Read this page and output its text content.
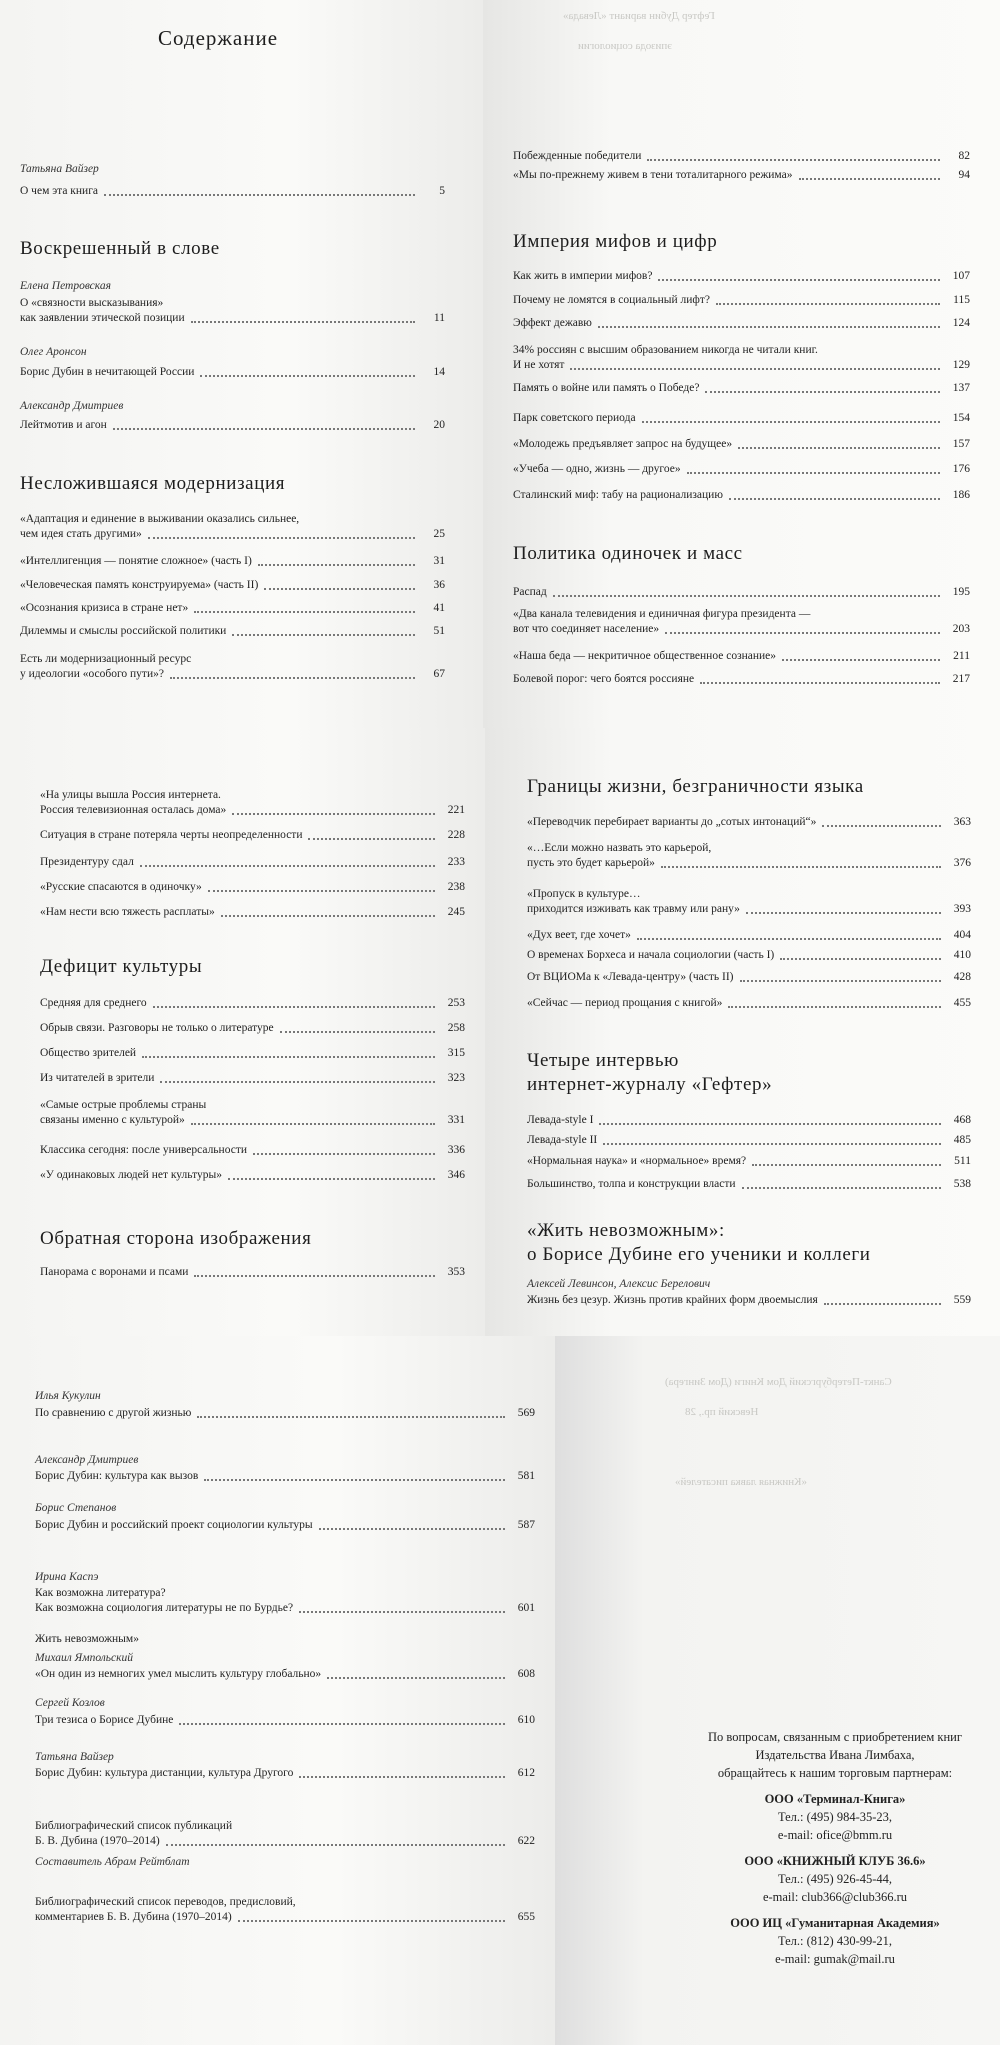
Содержание
Гефтер Дубин вариант «Левада»
эпизода социологии
Санкт-Петербургский Дом Книги (Дом Зингера)
Невский пр., 28
«Книжная лавка писателей»
Татьяна Вайзер
О чем эта книга	5
Воскрешенный в слове
Елена Петровская
О «связности высказывания»
как заявлении этической позиции	11
Олег Аронсон
Борис Дубин в нечитающей России	14
Александр Дмитриев
Лейтмотив и агон	20
Несложившаяся модернизация
«Адаптация и единение в выживании оказались сильнее,
чем идея стать другими»	25
«Интеллигенция — понятие сложное» (часть I)	31
«Человеческая память конструируема» (часть II)	36
«Осознания кризиса в стране нет»	41
Дилеммы и смыслы российской политики	51
Есть ли модернизационный ресурс
у идеологии «особого пути»?	67
Побежденные победители	82
«Мы по-прежнему живем в тени тоталитарного режима»	94
Империя мифов и цифр
Как жить в империи мифов?	107
Почему не ломятся в социальный лифт?	115
Эффект дежавю	124
34% россиян с высшим образованием никогда не читали книг.
И не хотят	129
Память о войне или память о Победе?	137
Парк советского периода	154
«Молодежь предъявляет запрос на будущее»	157
«Учеба — одно, жизнь — другое»	176
Сталинский миф: табу на рационализацию	186
Политика одиночек и масс
Распад	195
«Два канала телевидения и единичная фигура президента —
вот что соединяет население»	203
«Наша беда — некритичное общественное сознание»	211
Болевой порог: чего боятся россияне	217
«На улицы вышла Россия интернета.
Россия телевизионная осталась дома»	221
Ситуация в стране потеряла черты неопределенности	228
Президентуру сдал	233
«Русские спасаются в одиночку»	238
«Нам нести всю тяжесть расплаты»	245
Дефицит культуры
Средняя для среднего	253
Обрыв связи. Разговоры не только о литературе	258
Общество зрителей	315
Из читателей в зрители	323
«Самые острые проблемы страны
связаны именно с культурой»	331
Классика сегодня: после универсальности	336
«У одинаковых людей нет культуры»	346
Обратная сторона изображения
Панорама с воронами и псами	353
Границы жизни, безграничности языка
«Переводчик перебирает варианты до „сотых интонаций“»	363
«…Если можно назвать это карьерой,
пусть это будет карьерой»	376
«Пропуск в культуре…
приходится изживать как травму или рану»	393
«Дух веет, где хочет»	404
О временах Борхеса и начала социологии (часть I)	410
От ВЦИОМа к «Левада-центру» (часть II)	428
«Сейчас — период прощания с книгой»	455
Четыре интервью
интернет-журналу «Гефтер»
Левада-style I	468
Левада-style II	485
«Нормальная наука» и «нормальное» время?	511
Большинство, толпа и конструкции власти	538
«Жить невозможным»:
о Борисе Дубине его ученики и коллеги
Алексей Левинсон, Алексис Берелович
Жизнь без цезур. Жизнь против крайних форм двоемыслия	559
Илья Кукулин
По сравнению с другой жизнью	569
Александр Дмитриев
Борис Дубин: культура как вызов	581
Борис Степанов
Борис Дубин и российский проект социологии культуры	587
Ирина Каспэ
Как возможна литература?
Как возможна социология литературы не по Бурдье?	601
Жить невозможным»
Михаил Ямпольский
«Он один из немногих умел мыслить культуру глобально»	608
Сергей Козлов
Три тезиса о Борисе Дубине	610
Татьяна Вайзер
Борис Дубин: культура дистанции, культура Другого	612
Библиографический список публикаций
Б. В. Дубина (1970–2014)	622
Составитель Абрам Рейтблат
Библиографический список переводов, предисловий,
комментариев Б. В. Дубина (1970–2014)	655
По вопросам, связанным с приобретением книг
Издательства Ивана Лимбаха,
обращайтесь к нашим торговым партнерам:
ООО «Терминал-Книга»
Тел.: (495) 984-35-23,
e-mail: ofice@bmm.ru
ООО «КНИЖНЫЙ КЛУБ 36.6»
Тел.: (495) 926-45-44,
e-mail: club366@club366.ru
ООО ИЦ «Гуманитарная Академия»
Тел.: (812) 430-99-21,
e-mail: gumak@mail.ru
